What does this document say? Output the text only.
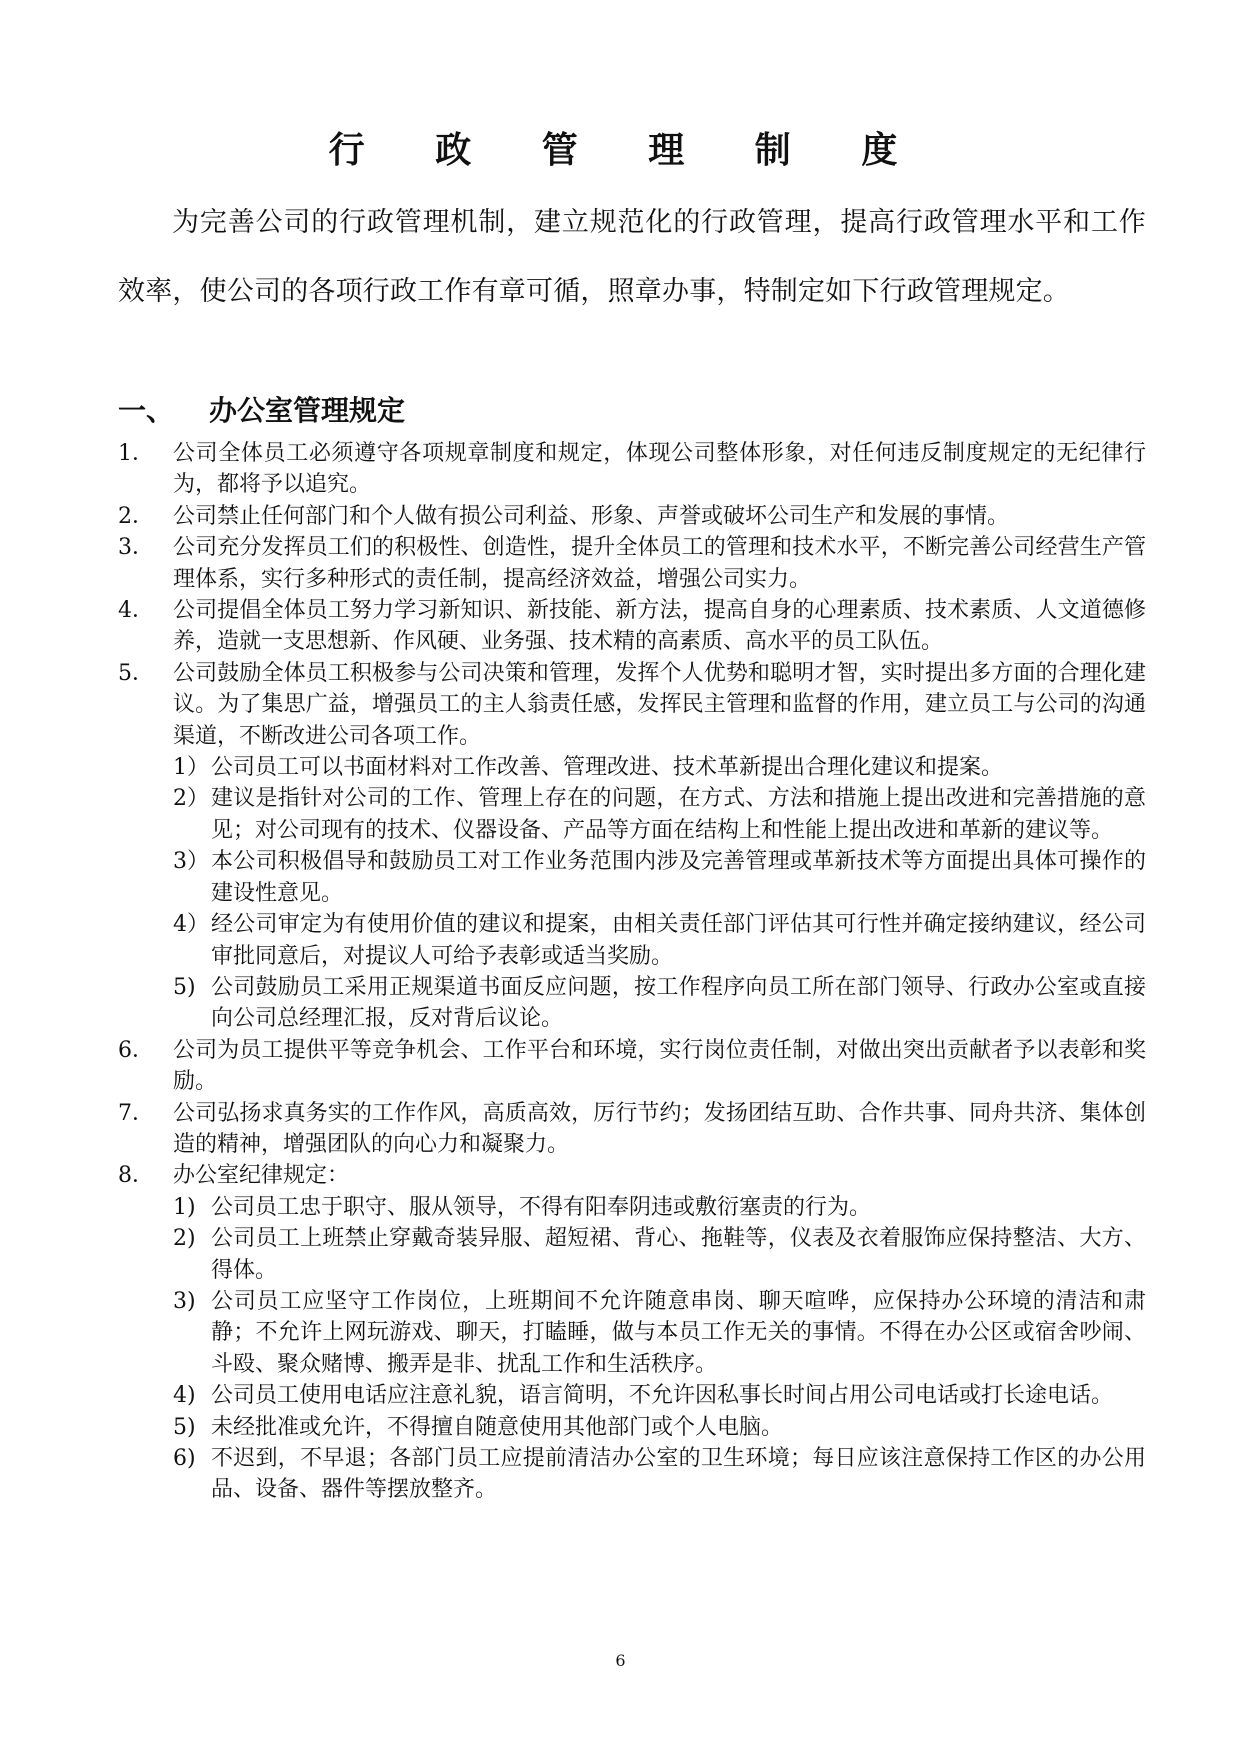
行 政 管 理 制 度
为完善公司的行政管理机制，建立规范化的行政管理，提高行政管理水平和工作效率，使公司的各项行政工作有章可循，照章办事，特制定如下行政管理规定。
一、	办公室管理规定

1． 公司全体员工必须遵守各项规章制度和规定，体现公司整体形象，对任何违反制度规定的无纪律行为，都将予以追究。

2． 公司禁止任何部门和个人做有损公司利益、形象、声誉或破坏公司生产和发展的事情。

3． 公司充分发挥员工们的积极性、创造性，提升全体员工的管理和技术水平，不断完善公司经营生产管理体系，实行多种形式的责任制，提高经济效益，增强公司实力。

4． 公司提倡全体员工努力学习新知识、新技能、新方法，提高自身的心理素质、技术素质、人文道德修养，造就一支思想新、作风硬、业务强、技术精的高素质、高水平的员工队伍。

5． 公司鼓励全体员工积极参与公司决策和管理，发挥个人优势和聪明才智，实时提出多方面的合理化建议。为了集思广益，增强员工的主人翁责任感，发挥民主管理和监督的作用，建立员工与公司的沟通渠道，不断改进公司各项工作。

1） 公司员工可以书面材料对工作改善、管理改进、技术革新提出合理化建议和提案。

2） 建议是指针对公司的工作、管理上存在的问题，在方式、方法和措施上提出改进和完善措施的意见；对公司现有的技术、仪器设备、产品等方面在结构上和性能上提出改进和革新的建议等。

3） 本公司积极倡导和鼓励员工对工作业务范围内涉及完善管理或革新技术等方面提出具体可操作的建设性意见。

4） 经公司审定为有使用价值的建议和提案，由相关责任部门评估其可行性并确定接纳建议，经公司审批同意后，对提议人可给予表彰或适当奖励。

5) 公司鼓励员工采用正规渠道书面反应问题，按工作程序向员工所在部门领导、行政办公室或直接向公司总经理汇报，反对背后议论。

6． 公司为员工提供平等竞争机会、工作平台和环境，实行岗位责任制，对做出突出贡献者予以表彰和奖励。

7． 公司弘扬求真务实的工作作风，高质高效，厉行节约；发扬团结互助、合作共事、同舟共济、集体创造的精神，增强团队的向心力和凝聚力。

8． 办公室纪律规定：

1) 公司员工忠于职守、服从领导，不得有阳奉阴违或敷衍塞责的行为。

2) 公司员工上班禁止穿戴奇装异服、超短裙、背心、拖鞋等，仪表及衣着服饰应保持整洁、大方、得体。

3) 公司员工应坚守工作岗位，上班期间不允许随意串岗、聊天喧哗，应保持办公环境的清洁和肃静；不允许上网玩游戏、聊天，打瞌睡，做与本员工作无关的事情。不得在办公区或宿舍吵闹、斗殴、聚众赌博、搬弄是非、扰乱工作和生活秩序。

4) 公司员工使用电话应注意礼貌，语言简明，不允许因私事长时间占用公司电话或打长途电话。

5) 未经批准或允许，不得擅自随意使用其他部门或个人电脑。

6) 不迟到，不早退；各部门员工应提前清洁办公室的卫生环境；每日应该注意保持工作区的办公用品、设备、器件等摆放整齐。

6
